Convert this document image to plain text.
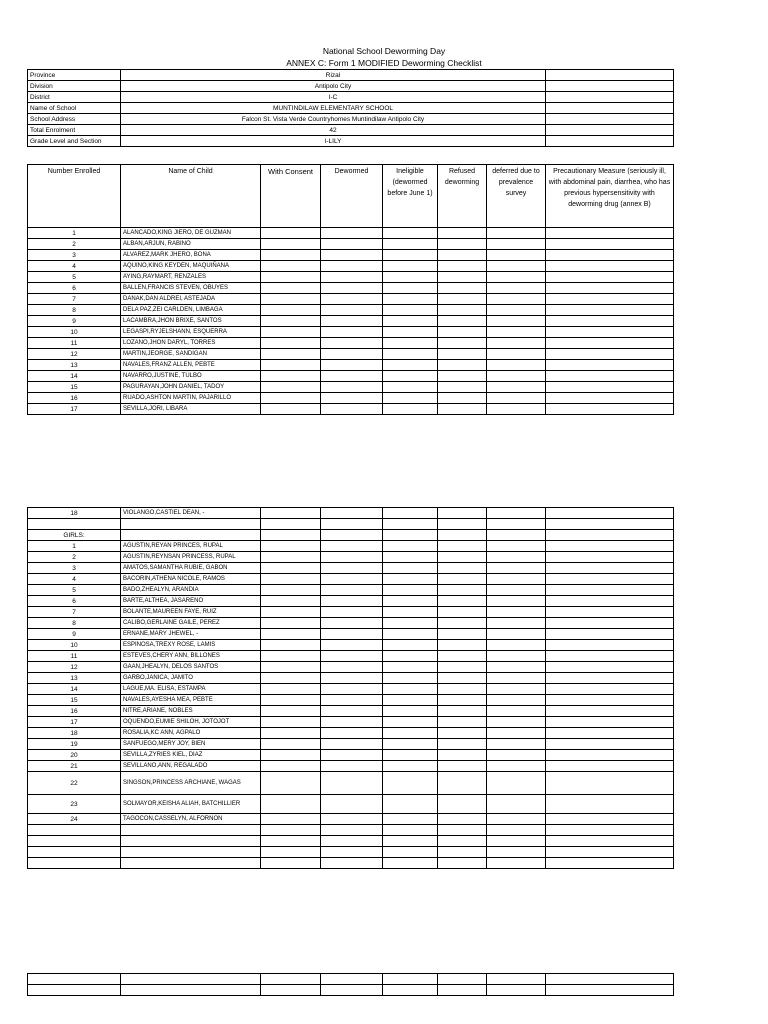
National School Deworming Day
ANNEX C: Form 1 MODIFIED Deworming Checklist
Province	Rizal	
Division	Antipolo City	
District	I-C	
Name of School	MUNTINDILAW ELEMENTARY SCHOOL	
School Address	Falcon St. Vista Verde Countryhomes Muntindilaw Antipolo City	
Total Enrolment	42	
Grade Level and Section	I-LILY	
Number Enrolled	Name of Child	With Consent	Dewormed	Ineligible (dewormed before June 1)	Refused deworming	deferred due to prevalence survey	Precautionary Measure (seriously ill, with abdominal pain, diarrhea, who has previous hypersensitivity with deworming drug (annex B)
1	ALANCADO,KING JIERO, DE GUZMAN						
2	ALBAN,ARJUN, RABINO						
3	ALVAREZ,MARK JHERO, BONA						
4	AQUINO,KING KEYDEN, MAQUIÑANA						
5	AYING,RAYMART, RENZALES						
6	BALLEN,FRANCIS STEVEN, OBUYES						
7	DANAK,DAN ALDREI, ASTEJADA						
8	DELA PAZ,ZEI CARLDEN, LIMBAGA						
9	LACAMBRA,JHON BRIXE, SANTOS						
10	LEGASPI,RYJELSHANN, ESQUERRA						
11	LOZANO,JHON DARYL, TORRES						
12	MARTIN,JEORGE, SANDIGAN						
13	NAVALES,FRANZ ALLEN, PEBTE						
14	NAVARRO,JUSTINE, TULBO						
15	PAGURAYAN,JOHN DANIEL, TADOY						
16	RUADO,ASHTON MARTIN, PAJARILLO						
17	SEVILLA,JORI, LIBARA						
18	VIOLANGO,CASTIEL DEAN, -						

GIRLS:							
1	AGUSTIN,REYAN PRINCES, RUPAL						
2	AGUSTIN,REYNSAN PRINCESS, RUPAL						
3	AMATOS,SAMANTHA RUBIE, GABON						
4	BACORIN,ATHENA NICOLE, RAMOS						
5	BADO,ZHEALYN, ARANDIA						
6	BARTE,ALTHEA, JASARENO						
7	BOLANTE,MAUREEN FAYE, RUIZ						
8	CALIBO,GERLAINE GAILE, PEREZ						
9	ERNANE,MARY JHEWEL, -						
10	ESPINOSA,TREXY ROSE, LAMIS						
11	ESTEVES,CHERY ANN, BILLONES						
12	GAAN,JHEALYN, DELOS SANTOS						
13	GARBO,JANICA, JAMITO						
14	LAGUE,MA. ELISA, ESTAMPA						
15	NAVALES,AYESHA MEA, PEBTE						
16	NITRE,ARIANE, NOBLES						
17	OQUENDO,EUMIE SHILOH, JOTOJOT						
18	ROSALIA,KC ANN, AGPALO						
19	SANFUEGO,MERY JOY, BIEN						
20	SEVILLA,ZYRIES KIEL, DIAZ						
21	SEVILLANO,ANN, REGALADO						
22	SINGSON,PRINCESS ARCHIANE, WAGAS						
23	SOLMAYOR,KEISHA ALIAH, BATCHILLIER						
24	TAGOCON,CASSELYN, ALFORNON						
